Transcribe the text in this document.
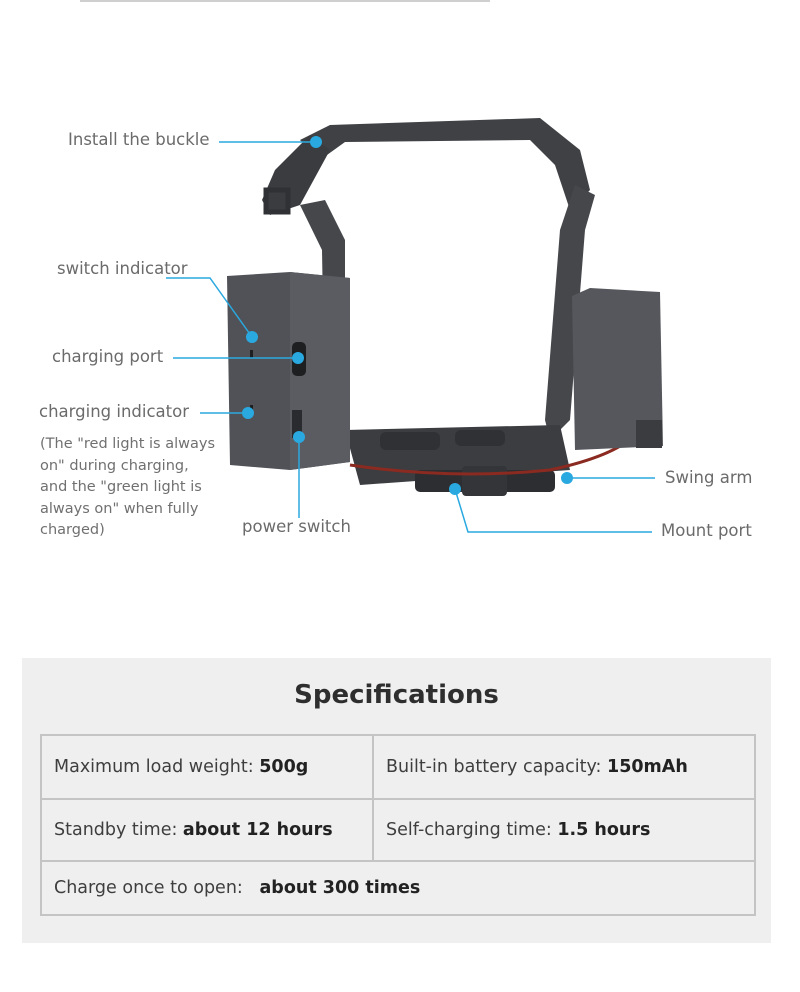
Install the buckle
switch indicator
charging port
charging indicator
(The "red light is always on" during charging, and the "green light is always on" when fully charged)	power switch
Swing arm
Mount port
Specifications
Maximum load weight: 500g	Built-in battery capacity: 150mAh
Standby time: about 12 hours	Self-charging time: 1.5 hours
Charge once to open:   about 300 times	
